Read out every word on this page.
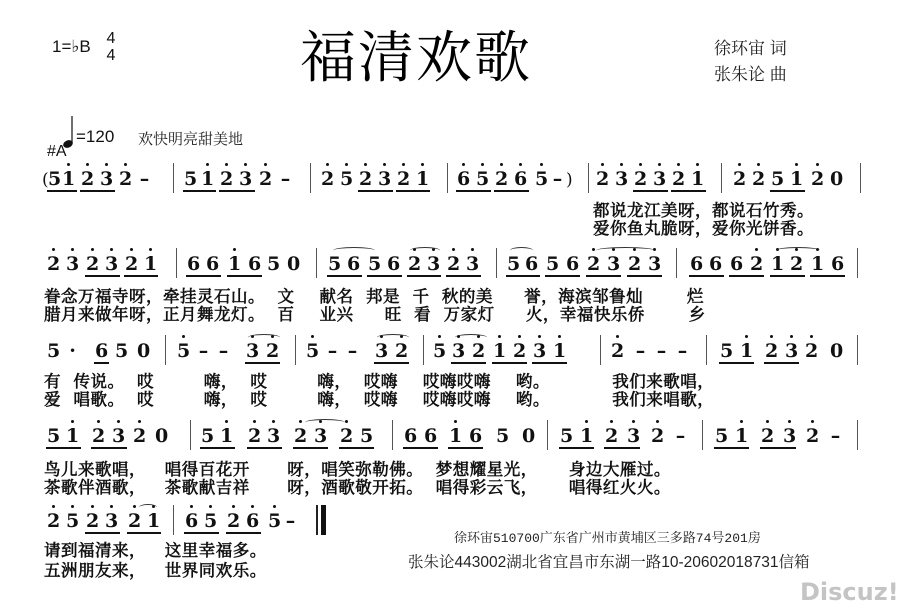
1=♭B 4
4	福清欢歌	徐环宙 词
张朱论 曲
=120
#A
欢快明亮甜美地
(	)
5 1 2 3 2 – 5 1 2 3 2 – 2 5 2 3 2 1 6 5 2 6 5 – 2 3 2 3 2 1 2 2 5 1 2 0
都说龙江美呀，都说石竹秀。
爱你鱼丸脆呀，爱你光饼香。
2 3 2 3 2 1 6 6 1 6 5 0 5 6 5 6 2 3 2 3 5 6 5 6 2 3 2 3 6 6 6 2 1 2 1 6
眷念万福寺呀，牵挂灵石山。  文    献名  邦是  千  秋的美     誉，海滨邹鲁灿       烂
腊月来做年呀，正月舞龙灯。  百    业兴     旺  看  万家灯     火，幸福快乐侨       乡
5 · 6 5 0 5 – – 3 2 5 – – 3 2 5 3 2 1 2 3 1 2 – – – 5 1 2 3 2 0
有  传说。  哎        嗨，  哎        嗨，  哎嗨    哎嗨哎嗨    哟。          我们来歌唱，
爱  唱歌。  哎        嗨，  哎        嗨，  哎嗨    哎嗨哎嗨    哟。          我们来唱歌，
5 1 2 3 2 0 5 1 2 3 2 3 2 5 6 6 1 6 5 0 5 1 2 3 2 – 5 1 2 3 2 –
鸟儿来歌唱，   唱得百花开      呀，唱笑弥勒佛。  梦想耀星光，     身边大雁过。
茶歌伴酒歌，   茶歌献吉祥      呀，酒歌敬开拓。  唱得彩云飞，     唱得红火火。
2 5 2 3 2 1 6 5 2 6 5 –
请到福清来，   这里幸福多。
五洲朋友来，   世界同欢乐。
徐环宙510700广东省广州市黄埔区三多路74号201房
张朱论443002湖北省宜昌市东湖一路10-20602018731信箱
Discuz!
